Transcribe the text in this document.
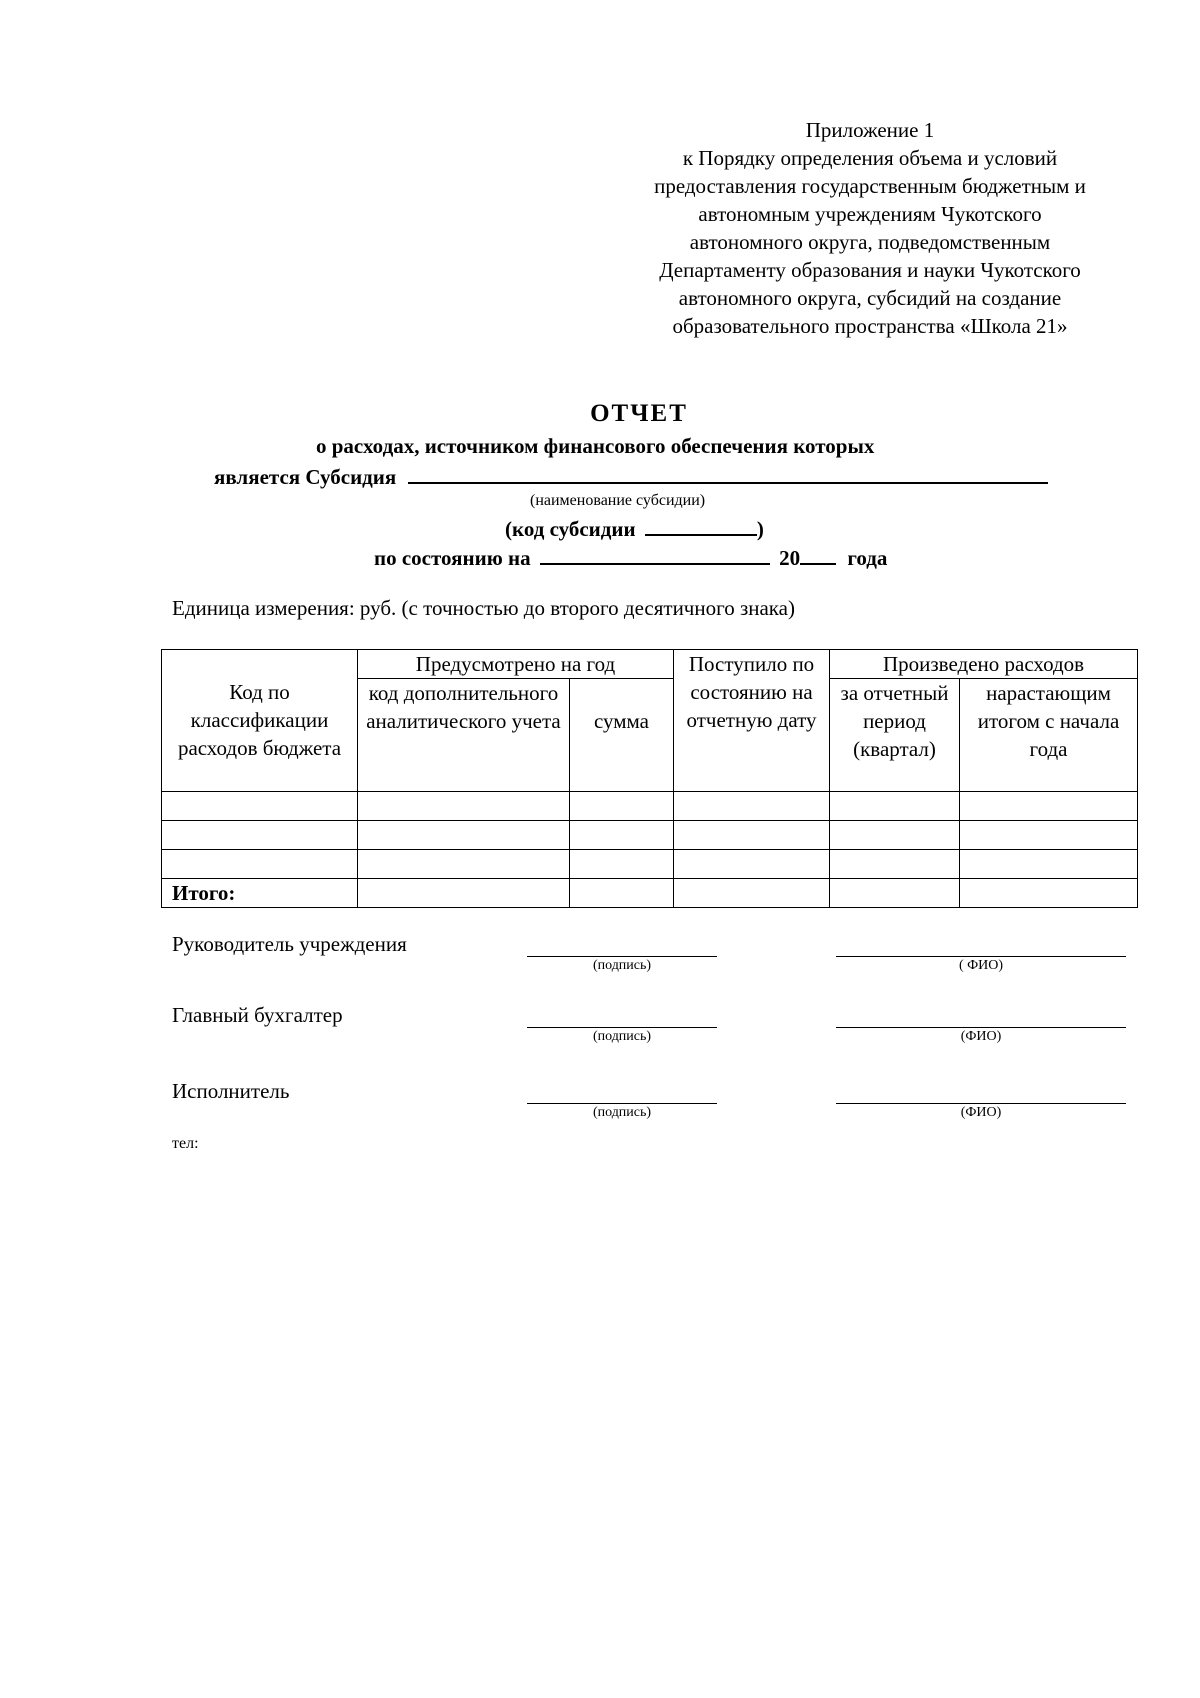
Приложение 1
к Порядку определения объема и условий
предоставления государственным бюджетным и
автономным учреждениям Чукотского
автономного округа, подведомственным
Департаменту образования и науки Чукотского
автономного округа, субсидий на создание
образовательного пространства «Школа 21»
ОТЧЕТ
о расходах, источником финансового обеспечения которых
является Субсидия
(наименование субсидии)
(код субсидии	)
по состоянию на	20 года
Единица измерения: руб. (с точностью до второго десятичного знака)
Код по классификации расходов бюджета	Предусмотрено на год		Поступило по состоянию на отчетную дату	Произведено расходов	
	код дополнительного аналитического учета	сумма		за отчетный период (квартал)	нарастающим итогом с начала года

Итого:					
Руководитель учреждения
(подпись)	( ФИО)
Главный бухгалтер
(подпись)	(ФИО)
Исполнитель
(подпись)	(ФИО)
тел:
